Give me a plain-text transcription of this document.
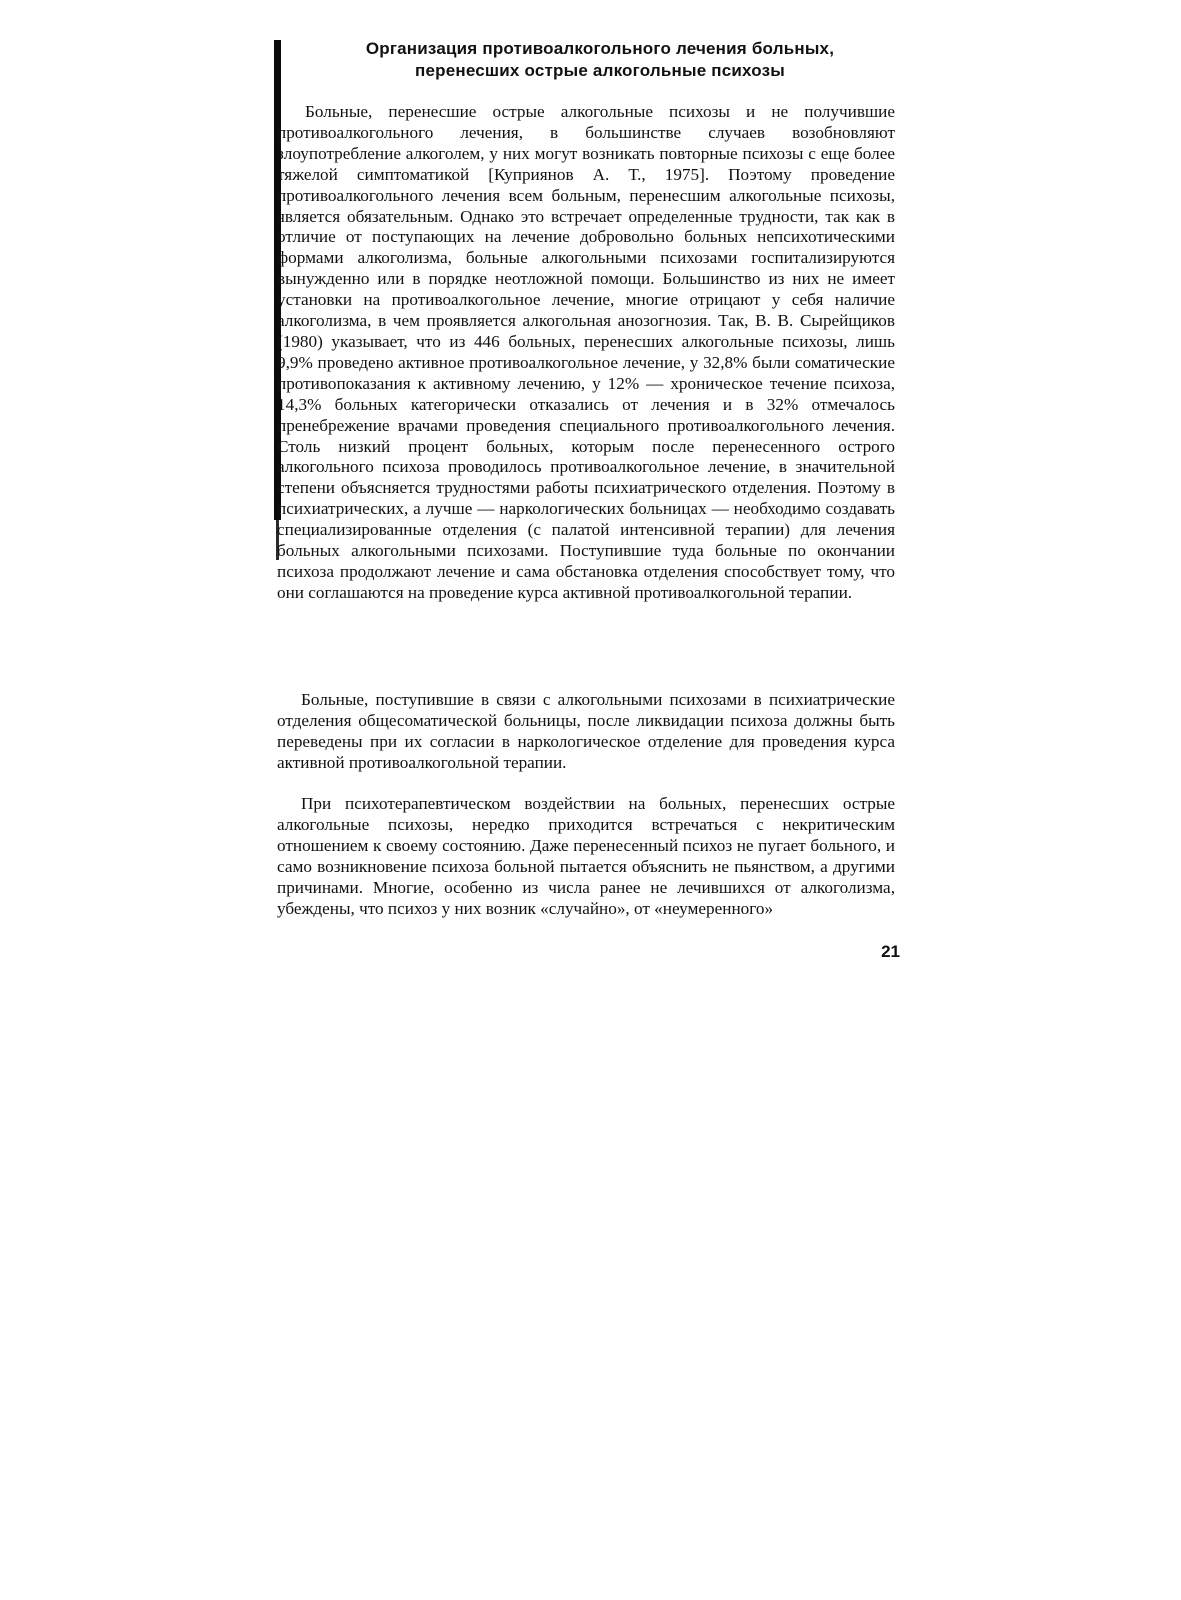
Организация противоалкогольного лечения больных,
перенесших острые алкогольные психозы

Больные, перенесшие острые алкогольные психозы и не получившие противоалкогольного лечения, в большинстве случаев возобновляют злоупотребление алкоголем, у них могут возникать повторные психозы с еще более тяжелой симптоматикой [Куприянов А. Т., 1975]. Поэтому проведение противоалкогольного лечения всем больным, перенесшим алкогольные психозы, является обязательным. Однако это встречает определенные трудности, так как в отличие от поступающих на лечение добровольно больных непсихотическими формами алкоголизма, больные алкогольными психозами госпитализируются вынужденно или в порядке неотложной помощи. Большинство из них не имеет установки на противоалкогольное лечение, многие отрицают у себя наличие алкоголизма, в чем проявляется алкогольная анозогнозия. Так, В. В. Сырейщиков (1980) указывает, что из 446 больных, перенесших алкогольные психозы, лишь 9,9% проведено активное противоалкогольное лечение, у 32,8% были соматические противопоказания к активному лечению, у 12% — хроническое течение психоза, 14,3% больных категорически отказались от лечения и в 32% отмечалось пренебрежение врачами проведения специального противоалкогольного лечения. Столь низкий процент больных, которым после перенесенного острого алкогольного психоза проводилось противоалкогольное лечение, в значительной степени объясняется трудностями работы психиатрического отделения. Поэтому в психиатрических, а лучше — наркологических больницах — необходимо создавать специализированные отделения (с палатой интенсивной терапии) для лечения больных алкогольными психозами. Поступившие туда больные по окончании психоза продолжают лечение и сама обстановка отделения способствует тому, что они соглашаются на проведение курса активной противоалкогольной терапии.

Больные, поступившие в связи с алкогольными психозами в психиатрические отделения общесоматической больницы, после ликвидации психоза должны быть переведены при их согласии в наркологическое отделение для проведения курса активной противоалкогольной терапии.

При психотерапевтическом воздействии на больных, перенесших острые алкогольные психозы, нередко приходится встречаться с некритическим отношением к своему состоянию. Даже перенесенный психоз не пугает больного, и само возникновение психоза больной пытается объяснить не пьянством, а другими причинами. Многие, особенно из числа ранее не лечившихся от алкоголизма, убеждены, что психоз у них возник «случайно», от «неумеренного»

21
